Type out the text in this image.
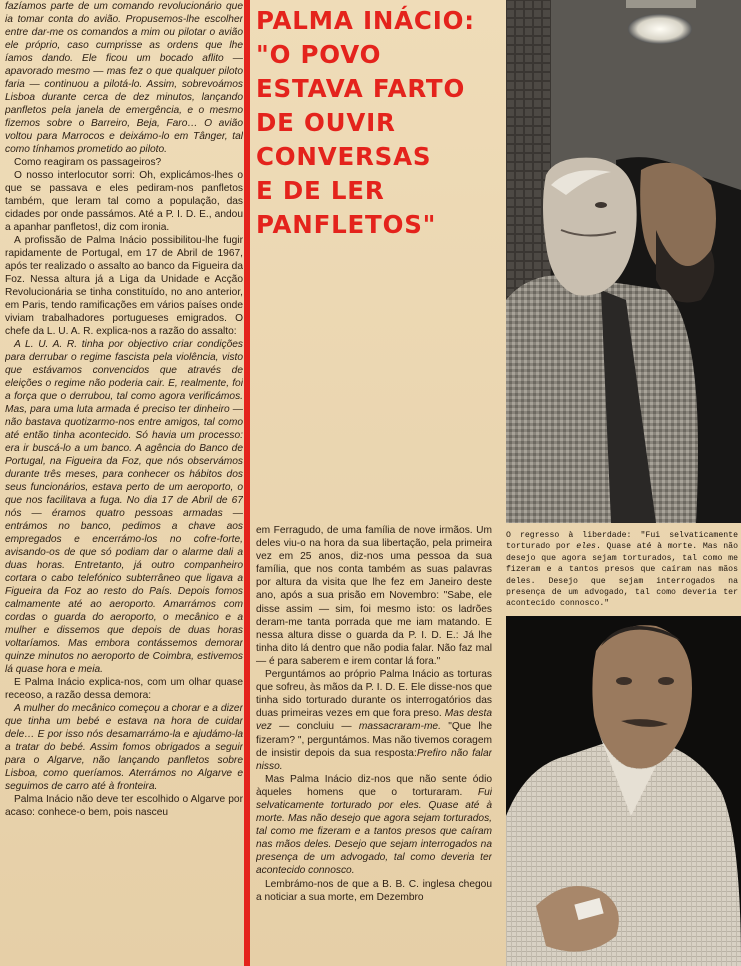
fazíamos parte de um comando revolucionário que ia tomar conta do avião. Propusemos-lhe escolher entre dar-me os comandos a mim ou pilotar o avião ele próprio, caso cumprisse as ordens que lhe íamos dando. Ele ficou um bocado aflito — apavorado mesmo — mas fez o que qualquer piloto faria — continuou a pilotá-lo. Assim, sobrevoámos Lisboa durante cerca de dez minutos, lançando panfletos pela janela de emergência, e o mesmo fizemos sobre o Barreiro, Beja, Faro… O avião voltou para Marrocos e deixámo-lo em Tânger, tal como tínhamos prometido ao piloto.

Como reagiram os passageiros?

O nosso interlocutor sorri: Oh, explicámos-lhes o que se passava e eles pediram-nos panfletos também, que leram tal como a população, das cidades por onde passámos. Até a P. I. D. E., andou a apanhar panfletos!, diz com ironia.

A profissão de Palma Inácio possibilitou-lhe fugir rapidamente de Portugal, em 17 de Abril de 1967, após ter realizado o assalto ao banco da Figueira da Foz. Nessa altura já a Liga da Unidade e Acção Revolucionária se tinha constituído, no ano anterior, em Paris, tendo ramificações em vários países onde viviam trabalhadores portugueses emigrados. O chefe da L. U. A. R. explica-nos a razão do assalto:

A L. U. A. R. tinha por objectivo criar condições para derrubar o regime fascista pela violência, visto que estávamos convencidos que através de eleições o regime não poderia cair. E, realmente, foi a força que o derrubou, tal como agora verificámos. Mas, para uma luta armada é preciso ter dinheiro — não bastava quotizarmo-nos entre amigos, tal como até então tinha acontecido. Só havia um processo: era ir buscá-lo a um banco. A agência do Banco de Portugal, na Figueira da Foz, que nós observámos durante três meses, para conhecer os hábitos dos seus funcionários, estava perto de um aeroporto, o que nos facilitava a fuga. No dia 17 de Abril de 67 nós — éramos quatro pessoas armadas — entrámos no banco, pedimos a chave aos empregados e encerrámo-los no cofre-forte, avisando-os de que só podiam dar o alarme dali a duas horas. Entretanto, já outro companheiro cortara o cabo telefónico subterrâneo que ligava a Figueira da Foz ao resto do País. Depois fomos calmamente até ao aeroporto. Amarrámos com cordas o guarda do aeroporto, o mecânico e a mulher e dissemos que depois de duas horas voltaríamos. Mas embora contássemos demorar quinze minutos no aeroporto de Coimbra, estivemos lá quase hora e meia.

E Palma Inácio explica-nos, com um olhar quase receoso, a razão dessa demora:

A mulher do mecânico começou a chorar e a dizer que tinha um bebé e estava na hora de cuidar dele… E por isso nós desamarrámo-la e ajudámo-la a tratar do bebé. Assim fomos obrigados a seguir para o Algarve, não lançando panfletos sobre Lisboa, como queríamos. Aterrámos no Algarve e seguimos de carro até à fronteira.

Palma Inácio não deve ter escolhido o Algarve por acaso: conhece-o bem, pois nasceu

PALMA INÁCIO:
"O POVO
ESTAVA FARTO
DE OUVIR
CONVERSAS
E DE LER
PANFLETOS"

em Ferragudo, de uma família de nove irmãos. Um deles viu-o na hora da sua libertação, pela primeira vez em 25 anos, diz-nos uma pessoa da sua família, que nos conta também as suas palavras por altura da visita que lhe fez em Janeiro deste ano, após a sua prisão em Novembro: "Sabe, ele disse assim — sim, foi mesmo isto: os ladrões deram-me tanta porrada que me iam matando. E nessa altura disse o guarda da P. I. D. E.: Já lhe tinha dito lá dentro que não podia falar. Não faz mal — é para saberem e irem contar lá fora."

Perguntámos ao próprio Palma Inácio as torturas que sofreu, às mãos da P. I. D. E. Ele disse-nos que tinha sido torturado durante os interrogatórios das duas primeiras vezes em que fora preso. Mas desta vez — concluiu — massacraram-me. "Que lhe fizeram? ", perguntámos. Mas não tivemos coragem de insistir depois da sua resposta:Prefiro não falar nisso.

Mas Palma Inácio diz-nos que não sente ódio àqueles homens que o torturaram. Fui selvaticamente torturado por eles. Quase até à morte. Mas não desejo que agora sejam torturados, tal como me fizeram e a tantos presos que caíram nas mãos deles. Desejo que sejam interrogados na presença de um advogado, tal como deveria ter acontecido connosco.

Lembrámo-nos de que a B. B. C. inglesa chegou a noticiar a sua morte, em Dezembro

O regresso à liberdade: "Fui selvaticamente torturado por eles. Quase até à morte. Mas não desejo que agora sejam torturados, tal como me fizeram e a tantos presos que caíram nas mãos deles. Desejo que sejam interrogados na presença de um advogado, tal como deveria ter acontecido connosco."
